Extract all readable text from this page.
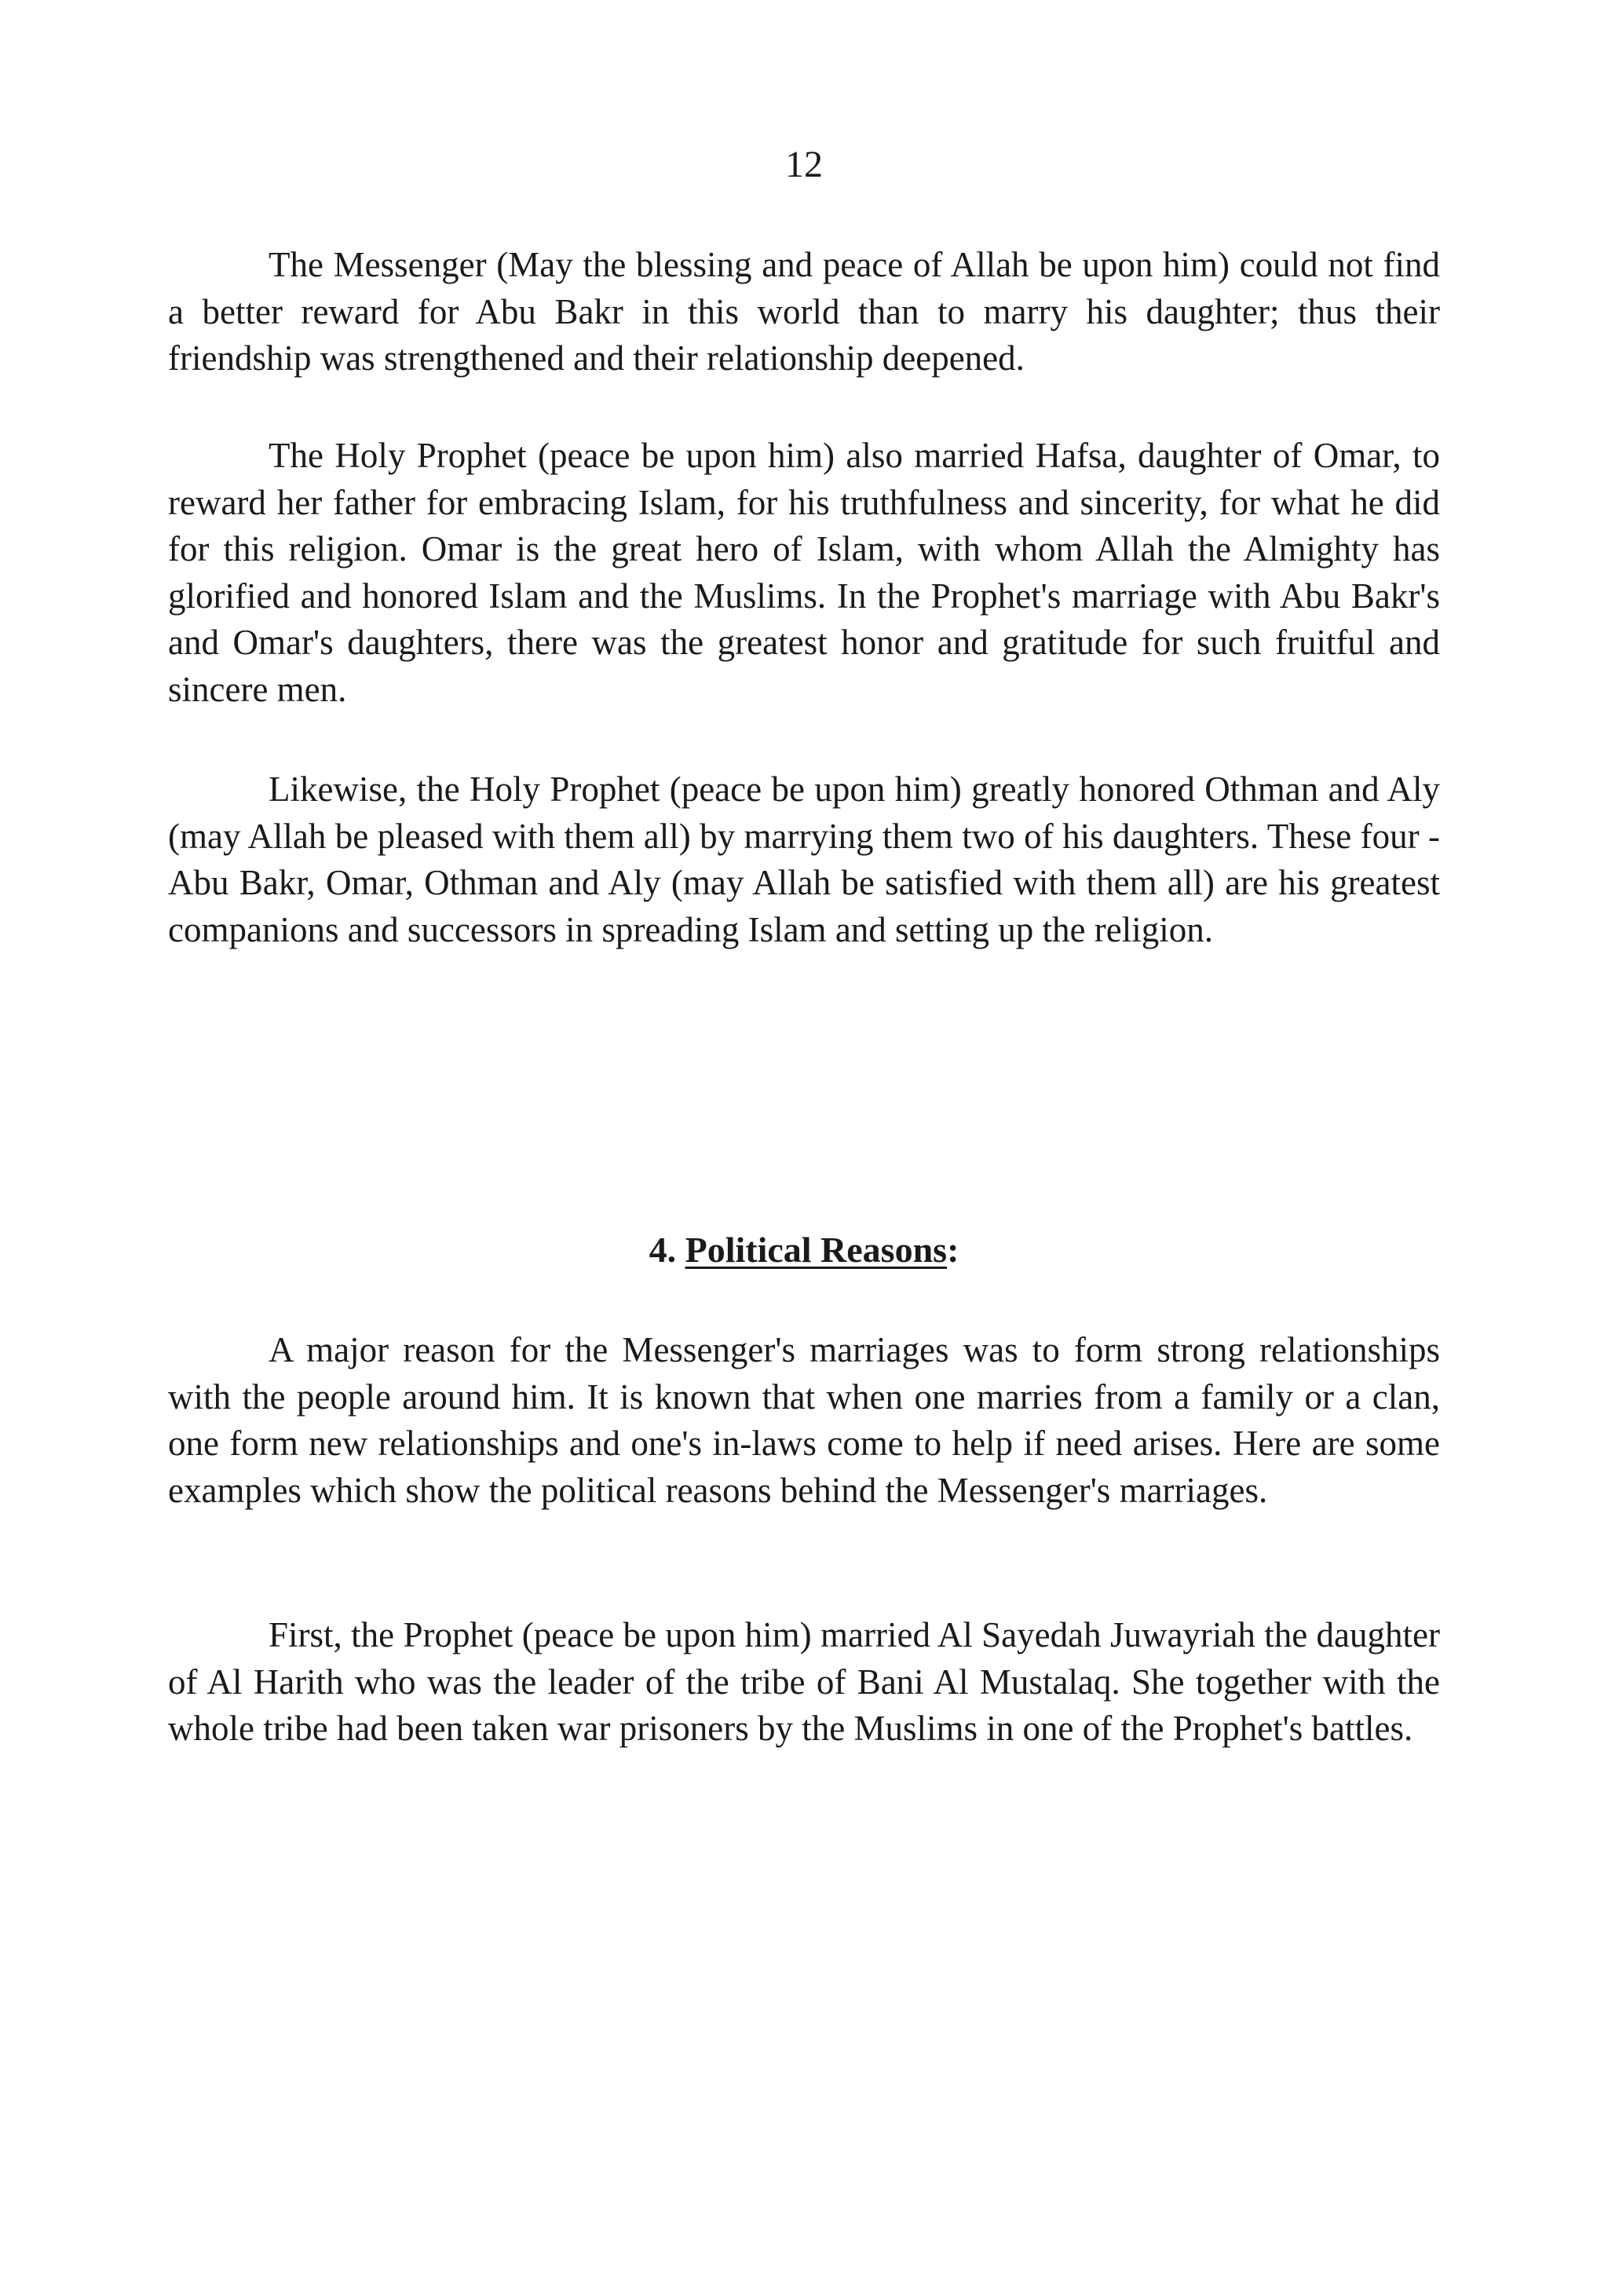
12

The Messenger (May the blessing and peace of Allah be upon him) could not find a better reward for Abu Bakr in this world than to marry his daughter; thus their friendship was strengthened and their relationship deepened.

The Holy Prophet (peace be upon him) also married Hafsa, daughter of Omar, to reward her father for embracing Islam, for his truthfulness and sincerity, for what he did for this religion. Omar is the great hero of Islam, with whom Allah the Almighty has glorified and honored Islam and the Muslims. In the Prophet's marriage with Abu Bakr's and Omar's daughters, there was the greatest honor and gratitude for such fruitful and sincere men.

Likewise, the Holy Prophet (peace be upon him) greatly honored Othman and Aly (may Allah be pleased with them all) by marrying them two of his daughters. These four - Abu Bakr, Omar, Othman and Aly (may Allah be satisfied with them all) are his greatest companions and successors in spreading Islam and setting up the religion.

4. Political Reasons:

A major reason for the Messenger's marriages was to form strong relationships with the people around him. It is known that when one marries from a family or a clan, one form new relationships and one's in-laws come to help if need arises. Here are some examples which show the political reasons behind the Messenger's marriages.

First, the Prophet (peace be upon him) married Al Sayedah Juwayriah the daughter of Al Harith who was the leader of the tribe of Bani Al Mustalaq. She together with the whole tribe had been taken war prisoners by the Muslims in one of the Prophet's battles.
